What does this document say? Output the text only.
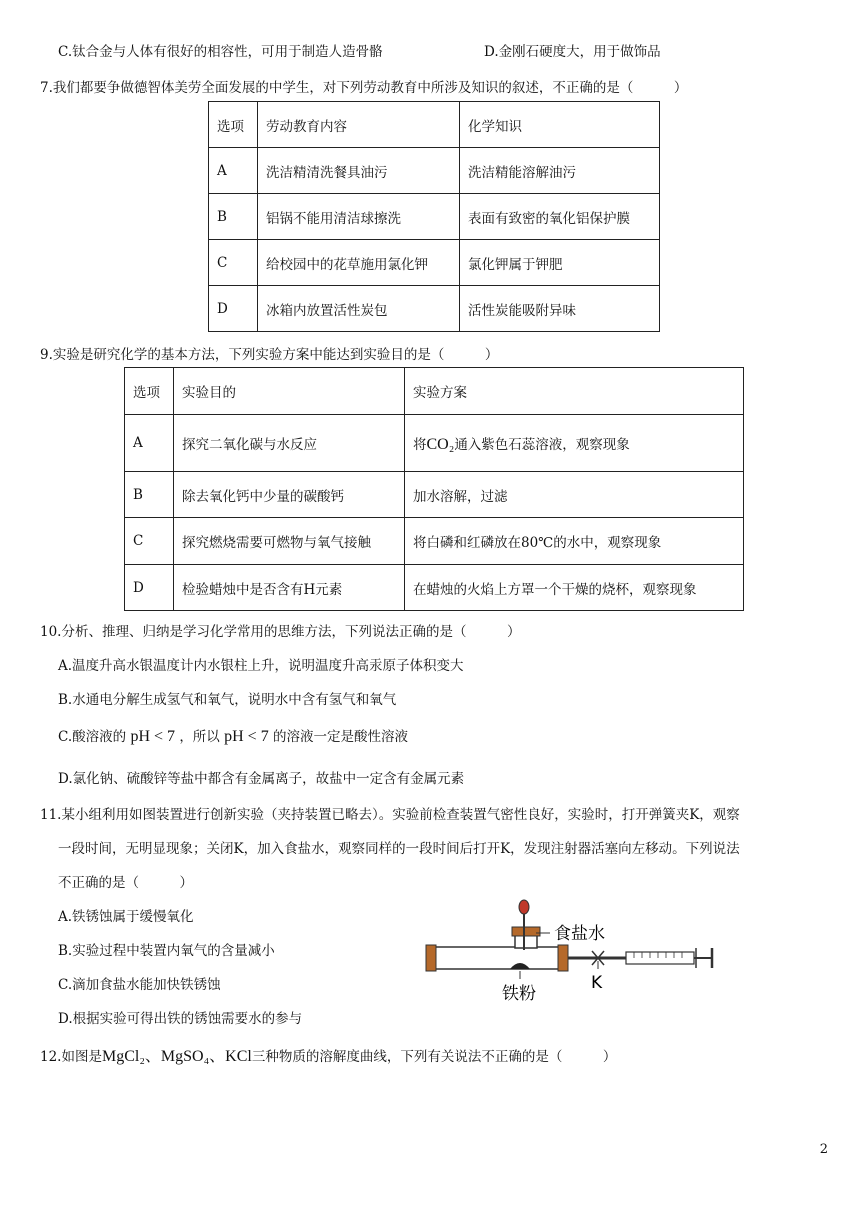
C.钛合金与人体有很好的相容性，可用于制造人造骨骼	D.金刚石硬度大，用于做饰品
7.我们都要争做德智体美劳全面发展的中学生，对下列劳动教育中所涉及知识的叙述，不正确的是（　　　）
选项	劳动教育内容	化学知识
A	洗洁精清洗餐具油污	洗洁精能溶解油污
B	铝锅不能用清洁球擦洗	表面有致密的氧化铝保护膜
C	给校园中的花草施用氯化钾	氯化钾属于钾肥
D	冰箱内放置活性炭包	活性炭能吸附异味
9.实验是研究化学的基本方法，下列实验方案中能达到实验目的是（　　　）
选项	实验目的	实验方案
A	探究二氧化碳与水反应	将CO₂通入紫色石蕊溶液，观察现象
B	除去氧化钙中少量的碳酸钙	加水溶解，过滤
C	探究燃烧需要可燃物与氧气接触	将白磷和红磷放在80℃的水中，观察现象
D	检验蜡烛中是否含有H元素	在蜡烛的火焰上方罩一个干燥的烧杯，观察现象
10.分析、推理、归纳是学习化学常用的思维方法，下列说法正确的是（　　　）
A.温度升高水银温度计内水银柱上升，说明温度升高汞原子体积变大
B.水通电分解生成氢气和氧气，说明水中含有氢气和氧气
C.酸溶液的 pH < 7 ，所以 pH < 7 的溶液一定是酸性溶液
D.氯化钠、硫酸锌等盐中都含有金属离子，故盐中一定含有金属元素
11.某小组利用如图装置进行创新实验（夹持装置已略去）。实验前检查装置气密性良好，实验时，打开弹簧夹K，观察
一段时间，无明显现象；关闭K，加入食盐水，观察同样的一段时间后打开K，发现注射器活塞向左移动。下列说法
不正确的是（　　　）
A.铁锈蚀属于缓慢氧化
B.实验过程中装置内氧气的含量减小
C.滴加食盐水能加快铁锈蚀
D.根据实验可得出铁的锈蚀需要水的参与
食盐水
铁粉
K
12.如图是MgCl₂、MgSO₄、KCl三种物质的溶解度曲线，下列有关说法不正确的是（　　　）
2
